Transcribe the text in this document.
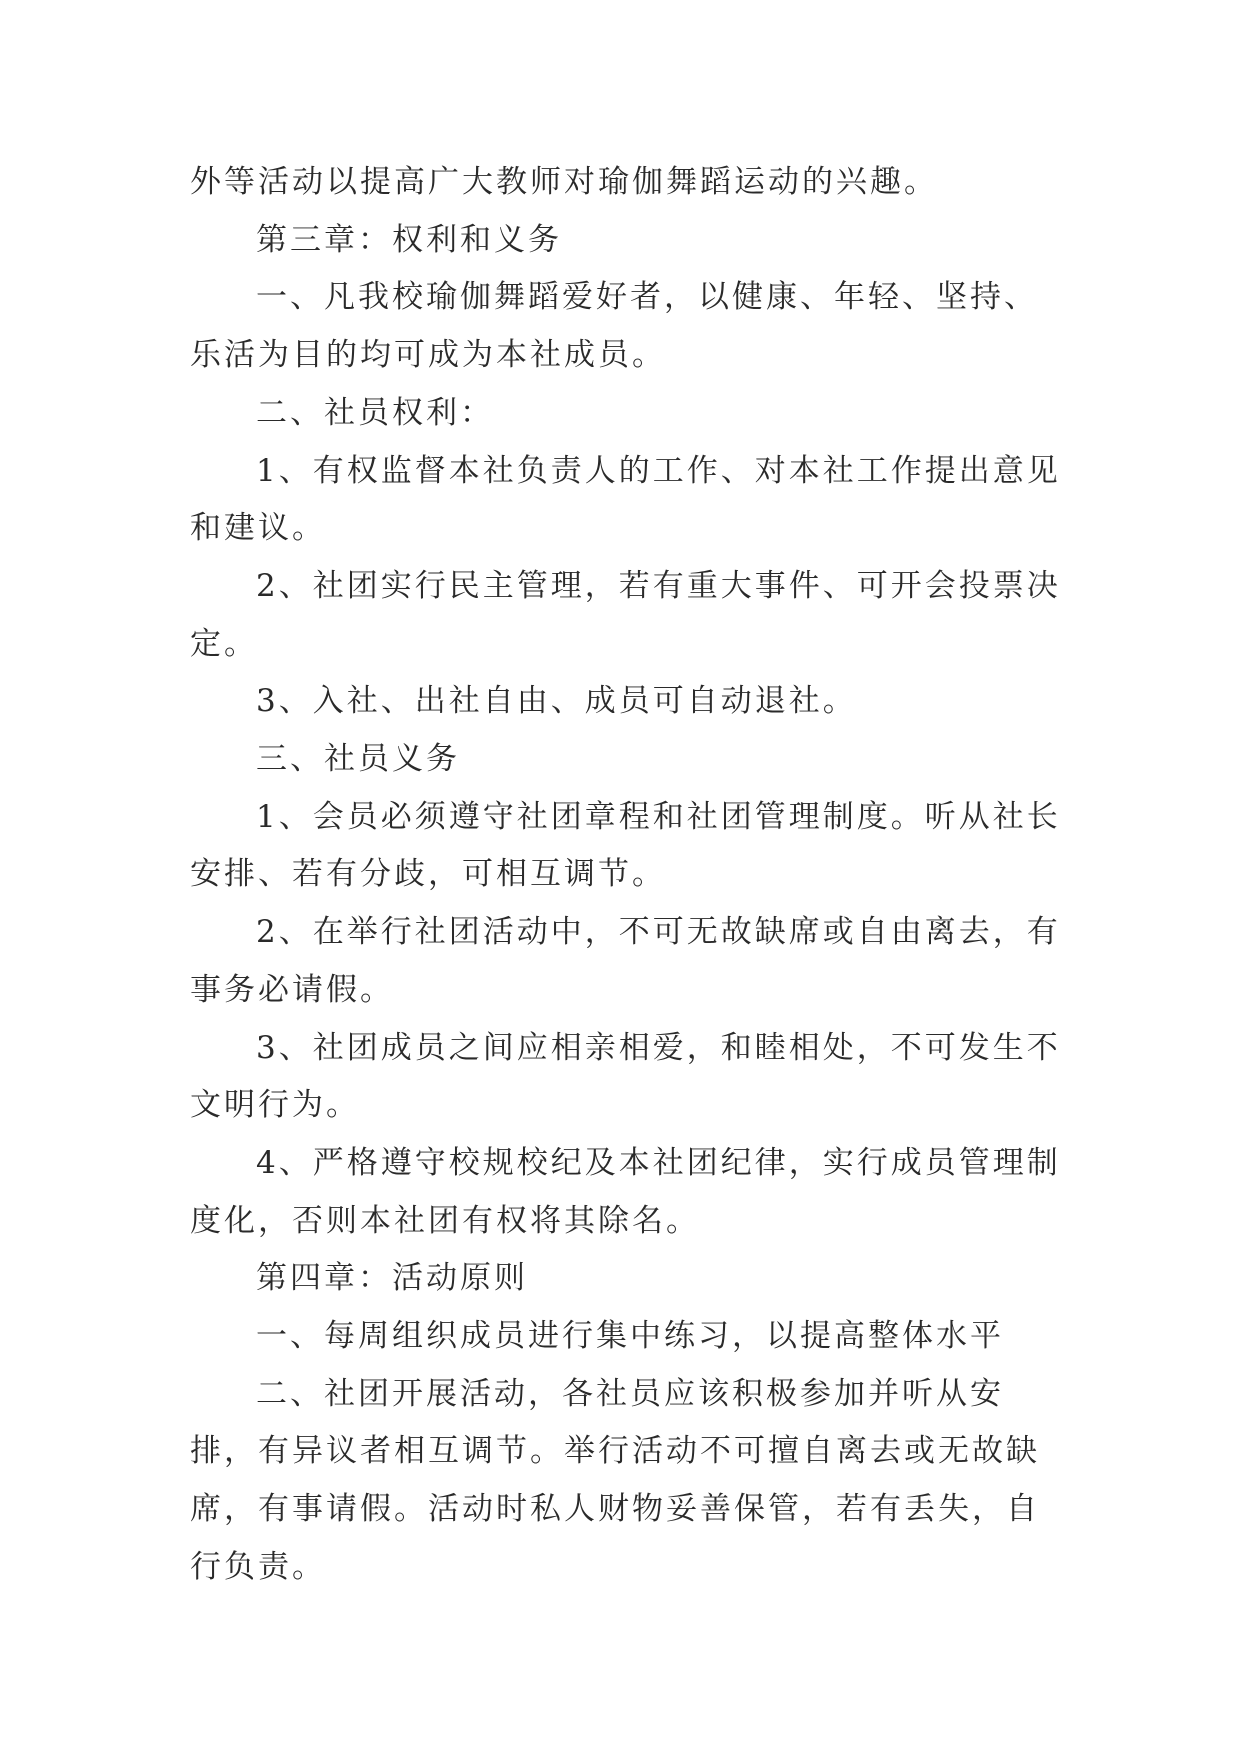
外等活动以提高广大教师对瑜伽舞蹈运动的兴趣。

第三章：权利和义务

一、凡我校瑜伽舞蹈爱好者，以健康、年轻、坚持、乐活为目的均可成为本社成员。

二、社员权利：

1、有权监督本社负责人的工作、对本社工作提出意见和建议。

2、社团实行民主管理，若有重大事件、可开会投票决定。

3、入社、出社自由、成员可自动退社。

三、社员义务

1、会员必须遵守社团章程和社团管理制度。听从社长安排、若有分歧，可相互调节。

2、在举行社团活动中，不可无故缺席或自由离去，有事务必请假。

3、社团成员之间应相亲相爱，和睦相处，不可发生不文明行为。

4、严格遵守校规校纪及本社团纪律，实行成员管理制度化，否则本社团有权将其除名。

第四章：活动原则

一、每周组织成员进行集中练习，以提高整体水平

二、社团开展活动，各社员应该积极参加并听从安排，有异议者相互调节。举行活动不可擅自离去或无故缺席，有事请假。活动时私人财物妥善保管，若有丢失，自行负责。
